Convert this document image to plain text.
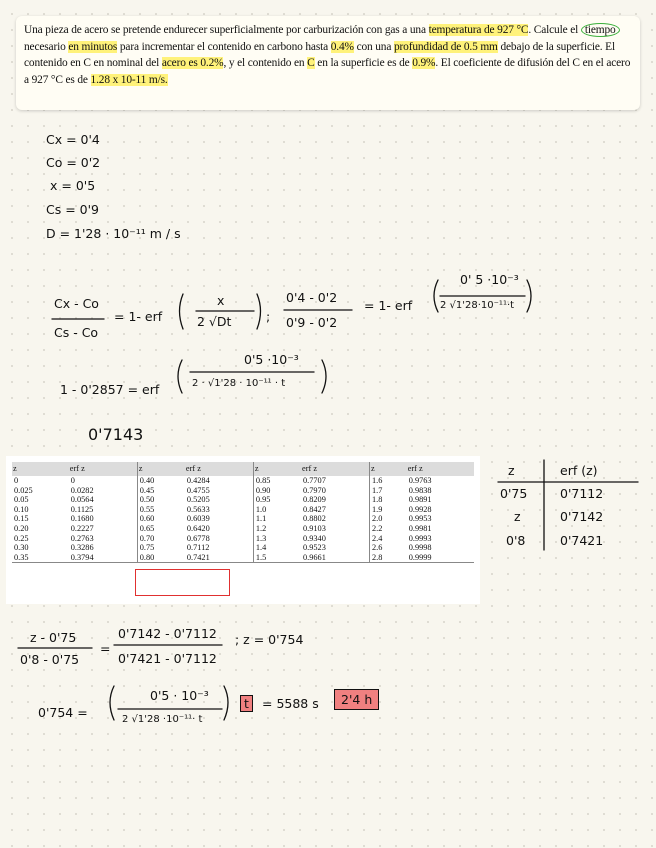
Una pieza de acero se pretende endurecer superficialmente por carburización con gas a una temperatura de 927 °C. Calcule el tiempo necesario en minutos para incrementar el contenido en carbono hasta 0.4% con una profundidad de 0.5 mm debajo de la superficie. El contenido en C en nominal del acero es 0.2%, y el contenido en C en la superficie es de 0.9%. El coeficiente de difusión del C en el acero a 927 °C es de 1.28 x 10-11 m/s.
Cx = 0'4
Co = 0'2
x = 0'5
Cs = 0'9
D = 1'28 · 10⁻¹¹ m / s
Cx - Co
Cs - Co
= 1- erf
x
2 √Dt	;
0'4 - 0'2
0'9 - 0'2
= 1- erf
0' 5 ·10⁻³
2 √1'28·10⁻¹¹·t
1 - 0'2857 = erf
0'5 ·10⁻³
2 · √1'28 · 10⁻¹¹ · t
0'7143
z	erf z	z	erf z	z	erf z	z	erf z
0	0	0.40	0.4284	0.85	0.7707	1.6	0.9763
0.025	0.0282	0.45	0.4755	0.90	0.7970	1.7	0.9838
0.05	0.0564	0.50	0.5205	0.95	0.8209	1.8	0.9891
0.10	0.1125	0.55	0.5633	1.0	0.8427	1.9	0.9928
0.15	0.1680	0.60	0.6039	1.1	0.8802	2.0	0.9953
0.20	0.2227	0.65	0.6420	1.2	0.9103	2.2	0.9981
0.25	0.2763	0.70	0.6778	1.3	0.9340	2.4	0.9993
0.30	0.3286	0.75	0.7112	1.4	0.9523	2.6	0.9998
0.35	0.3794	0.80	0.7421	1.5	0.9661	2.8	0.9999
z	erf (z)
0'75	0'7112
z	0'7142
0'8	0'7421
z - 0'75
0'8 - 0'75
=
0'7142 - 0'7112
0'7421 - 0'7112
; z = 0'754
0'754 =
0'5 · 10⁻³
2 √1'28 ·10⁻¹¹· t
t	= 5588 s	2'4 h
